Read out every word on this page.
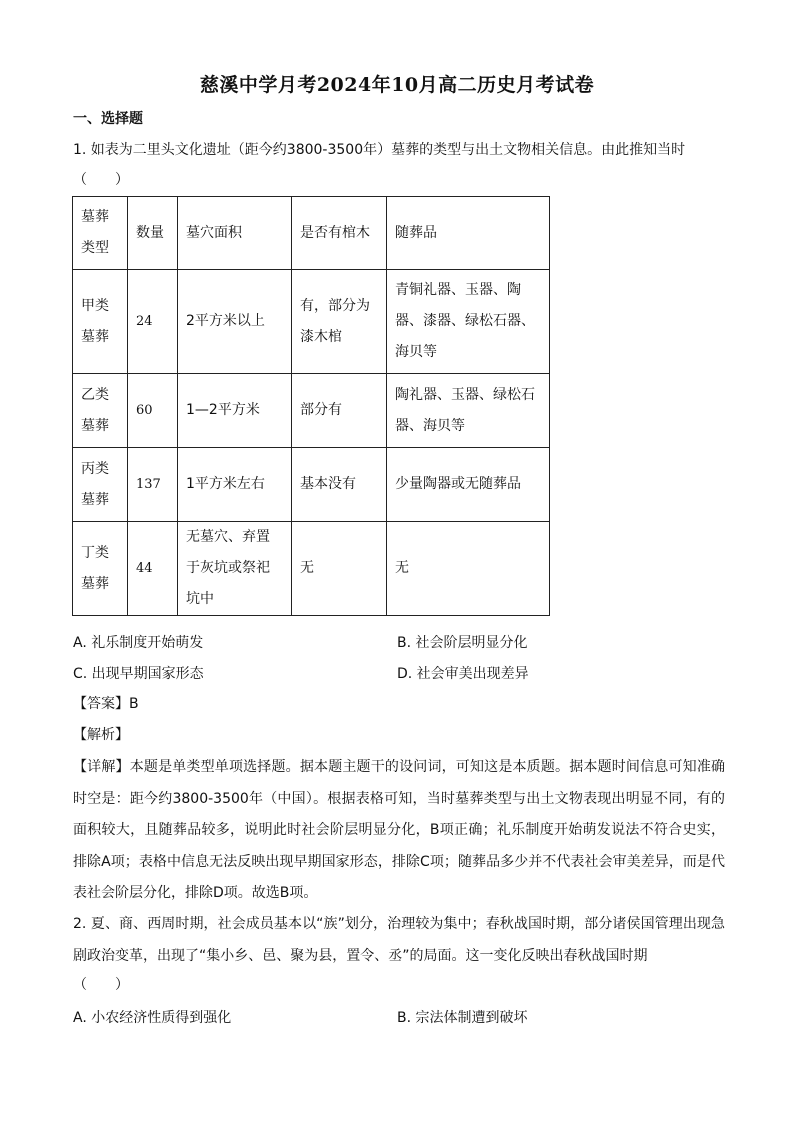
慈溪中学月考2024年10月高二历史月考试卷
一、选择题
1. 如表为二里头文化遗址（距今约3800-3500年）墓葬的类型与出土文物相关信息。由此推知当时
（　　）
墓葬类型	数量	墓穴面积	是否有棺木	随葬品
甲类墓葬	24	2平方米以上	有，部分为漆木棺	青铜礼器、玉器、陶器、漆器、绿松石器、海贝等
乙类墓葬	60	1—2平方米	部分有	陶礼器、玉器、绿松石器、海贝等
丙类墓葬	137	1平方米左右	基本没有	少量陶器或无随葬品
丁类墓葬	44	无墓穴、弃置于灰坑或祭祀坑中	无	无
A. 礼乐制度开始萌发	B. 社会阶层明显分化
C. 出现早期国家形态	D. 社会审美出现差异
【答案】B
【解析】
【详解】本题是单类型单项选择题。据本题主题干的设问词，可知这是本质题。据本题时间信息可知准确时空是：距今约3800-3500年（中国）。根据表格可知，当时墓葬类型与出土文物表现出明显不同，有的面积较大，且随葬品较多，说明此时社会阶层明显分化，B项正确；礼乐制度开始萌发说法不符合史实，排除A项；表格中信息无法反映出现早期国家形态，排除C项；随葬品多少并不代表社会审美差异，而是代表社会阶层分化，排除D项。故选B项。
2. 夏、商、西周时期，社会成员基本以“族”划分，治理较为集中；春秋战国时期，部分诸侯国管理出现急剧政治变革，出现了“集小乡、邑、聚为县，置令、丞”的局面。这一变化反映出春秋战国时期
（　　）
A. 小农经济性质得到强化	B. 宗法体制遭到破坏
